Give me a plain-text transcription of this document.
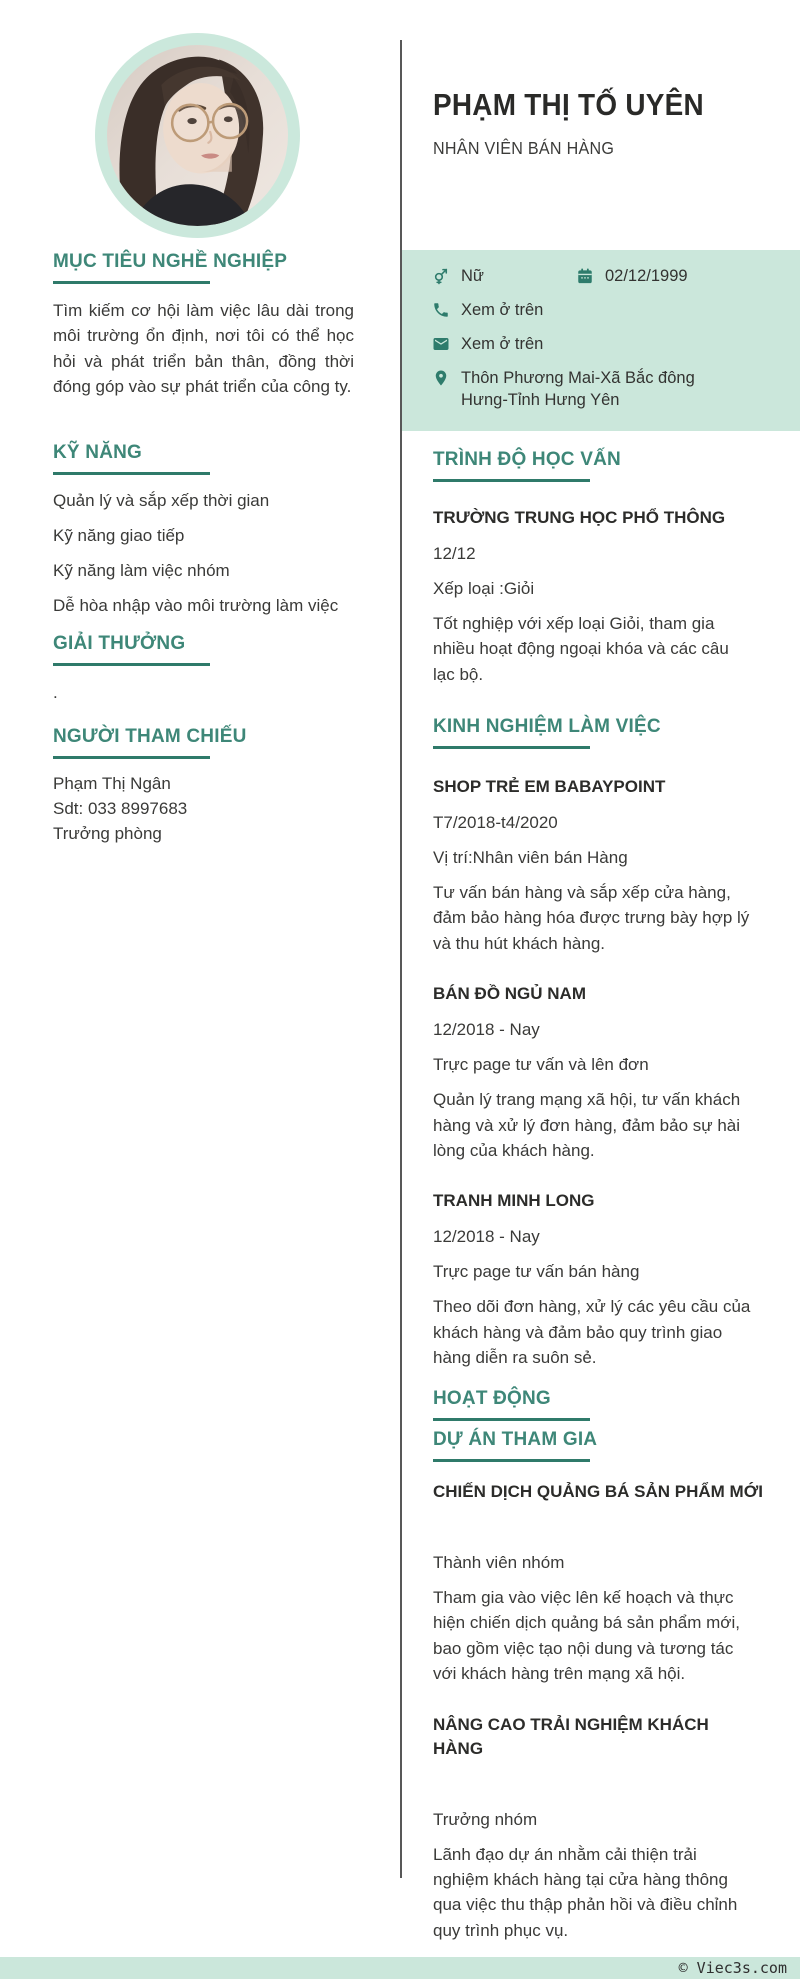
PHẠM THỊ TỐ UYÊN
NHÂN VIÊN BÁN HÀNG
Nữ	02/12/1999
Xem ở trên
Xem ở trên
Thôn Phương Mai-Xã Bắc đông Hưng-Tỉnh Hưng Yên
MỤC TIÊU NGHỀ NGHIỆP
Tìm kiếm cơ hội làm việc lâu dài trong môi trường ổn định, nơi tôi có thể học hỏi và phát triển bản thân, đồng thời đóng góp vào sự phát triển của công ty.
KỸ NĂNG
Quản lý và sắp xếp thời gian
Kỹ năng giao tiếp
Kỹ năng làm việc nhóm
Dễ hòa nhập vào môi trường làm việc
GIẢI THƯỞNG
.
NGƯỜI THAM CHIẾU
Phạm Thị Ngân
Sdt: 033 8997683
Trưởng phòng
TRÌNH ĐỘ HỌC VẤN
TRƯỜNG TRUNG HỌC PHỔ THÔNG
12/12
Xếp loại :Giỏi
Tốt nghiệp với xếp loại Giỏi, tham gia nhiều hoạt động ngoại khóa và các câu lạc bộ.
KINH NGHIỆM LÀM VIỆC
SHOP TRẺ EM BABAYPOINT
T7/2018-t4/2020
Vị trí:Nhân viên bán Hàng
Tư vấn bán hàng và sắp xếp cửa hàng, đảm bảo hàng hóa được trưng bày hợp lý và thu hút khách hàng.
BÁN ĐỒ NGỦ NAM
12/2018 - Nay
Trực page tư vấn và lên đơn
Quản lý trang mạng xã hội, tư vấn khách hàng và xử lý đơn hàng, đảm bảo sự hài lòng của khách hàng.
TRANH MINH LONG
12/2018 - Nay
Trực page tư vấn bán hàng
Theo dõi đơn hàng, xử lý các yêu cầu của khách hàng và đảm bảo quy trình giao hàng diễn ra suôn sẻ.
HOẠT ĐỘNG
DỰ ÁN THAM GIA
CHIẾN DỊCH QUẢNG BÁ SẢN PHẨM MỚI
Thành viên nhóm
Tham gia vào việc lên kế hoạch và thực hiện chiến dịch quảng bá sản phẩm mới, bao gồm việc tạo nội dung và tương tác với khách hàng trên mạng xã hội.
NÂNG CAO TRẢI NGHIỆM KHÁCH HÀNG
Trưởng nhóm
Lãnh đạo dự án nhằm cải thiện trải nghiệm khách hàng tại cửa hàng thông qua việc thu thập phản hồi và điều chỉnh quy trình phục vụ.
© Viec3s.com
